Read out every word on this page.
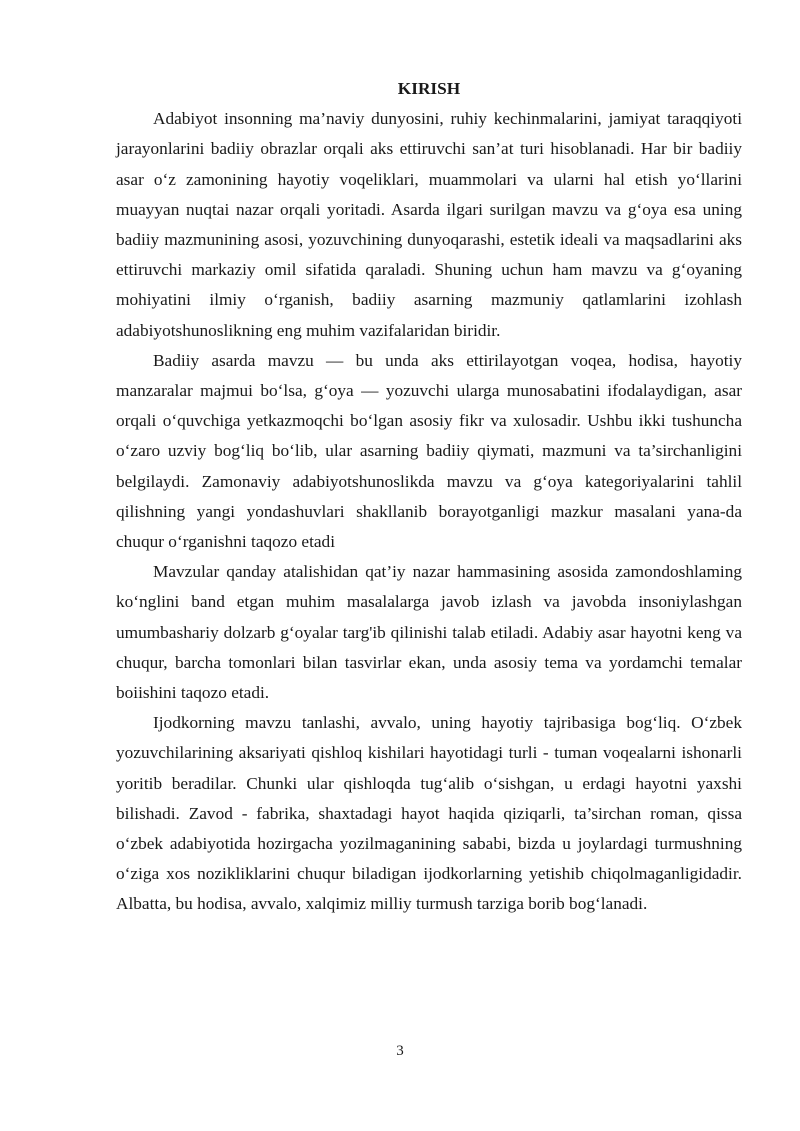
KIRISH

Adabiyot insonning ma’naviy dunyosini, ruhiy kechinmalarini, jamiyat taraqqiyoti jarayonlarini badiiy obrazlar orqali aks ettiruvchi san’at turi hisoblanadi. Har bir badiiy asar o‘z zamonining hayotiy voqeliklari, muammolari va ularni hal etish yo‘llarini muayyan nuqtai nazar orqali yoritadi. Asarda ilgari surilgan mavzu va g‘oya esa uning badiiy mazmunining asosi, yozuvchining dunyoqarashi, estetik ideali va maqsadlarini aks ettiruvchi markaziy omil sifatida qaraladi. Shuning uchun ham mavzu va g‘oyaning mohiyatini ilmiy o‘rganish, badiiy asarning mazmuniy qatlamlarini izohlash adabiyotshunoslikning eng muhim vazifalaridan biridir.

Badiiy asarda mavzu — bu unda aks ettirilayotgan voqea, hodisa, hayotiy manzaralar majmui bo‘lsa, g‘oya — yozuvchi ularga munosabatini ifodalaydigan, asar orqali o‘quvchiga yetkazmoqchi bo‘lgan asosiy fikr va xulosadir. Ushbu ikki tushuncha o‘zaro uzviy bog‘liq bo‘lib, ular asarning badiiy qiymati, mazmuni va ta’sirchanligini belgilaydi. Zamonaviy adabiyotshunoslikda mavzu va g‘oya kategoriyalarini tahlil qilishning yangi yondashuvlari shakllanib borayotganligi mazkur masalani yana-da chuqur o‘rganishni taqozo etadi

Mavzular qanday atalishidan qat’iy nazar hammasining asosida zamondoshlaming ko‘nglini band etgan muhim masalalarga javob izlash va javobda insoniylashgan umumbashariy dolzarb g‘oyalar targ'ib qilinishi talab etiladi. Adabiy asar hayotni keng va chuqur, barcha tomonlari bilan tasvirlar ekan, unda asosiy tema va yordamchi temalar boiishini taqozo etadi.

Ijodkorning mavzu tanlashi, avvalo, uning hayotiy tajribasiga bog‘liq. O‘zbek yozuvchilarining aksariyati qishloq kishilari hayotidagi turli - tuman voqealarni ishonarli yoritib beradilar. Chunki ular qishloqda tug‘alib o‘sishgan, u erdagi hayotni yaxshi bilishadi. Zavod - fabrika, shaxtadagi hayot haqida qiziqarli, ta’sirchan roman, qissa o‘zbek adabiyotida hozirgacha yozilmaganining sababi, bizda u joylardagi turmushning o‘ziga xos nozikliklarini chuqur biladigan ijodkorlarning yetishib chiqolmaganligidadir. Albatta, bu hodisa, avvalo, xalqimiz milliy turmush tarziga borib bog‘lanadi.

3
